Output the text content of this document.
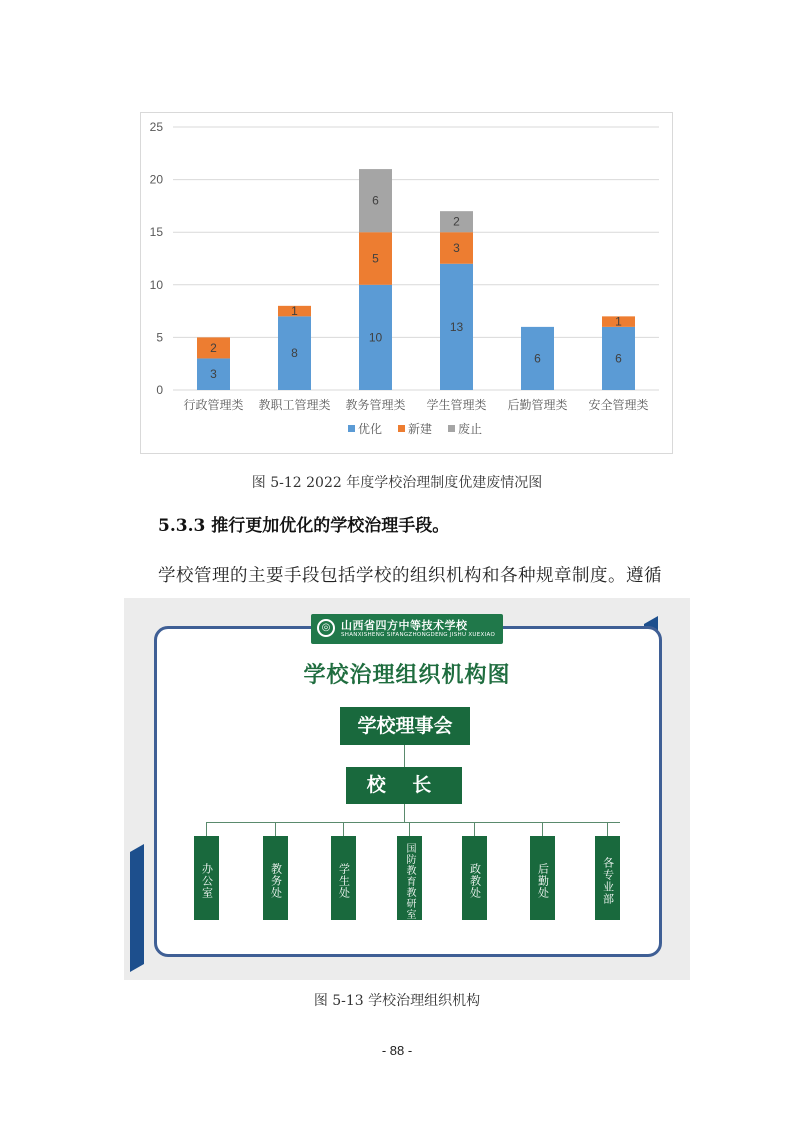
0
5
10
15
20
25
3
2
行政管理类
8
1
教职工管理类
10
5
6
教务管理类
13
3
2
学生管理类
6
后勤管理类
6
1
安全管理类
优化 新建 废止
图 5-12 2022 年度学校治理制度优建废情况图
5.3.3 推行更加优化的学校治理手段。
学校管理的主要手段包括学校的组织机构和各种规章制度。遵循
◎ 山西省四方中等技术学校
SHANXISHENG SIFANGZHONGDENG JISHU XUEXIAO
学校治理组织机构图
学校理事会
校 长
办公室	教务处	学生处	国防教育教研室	政教处	后勤处	各专业部
图 5-13 学校治理组织机构
- 88 -
